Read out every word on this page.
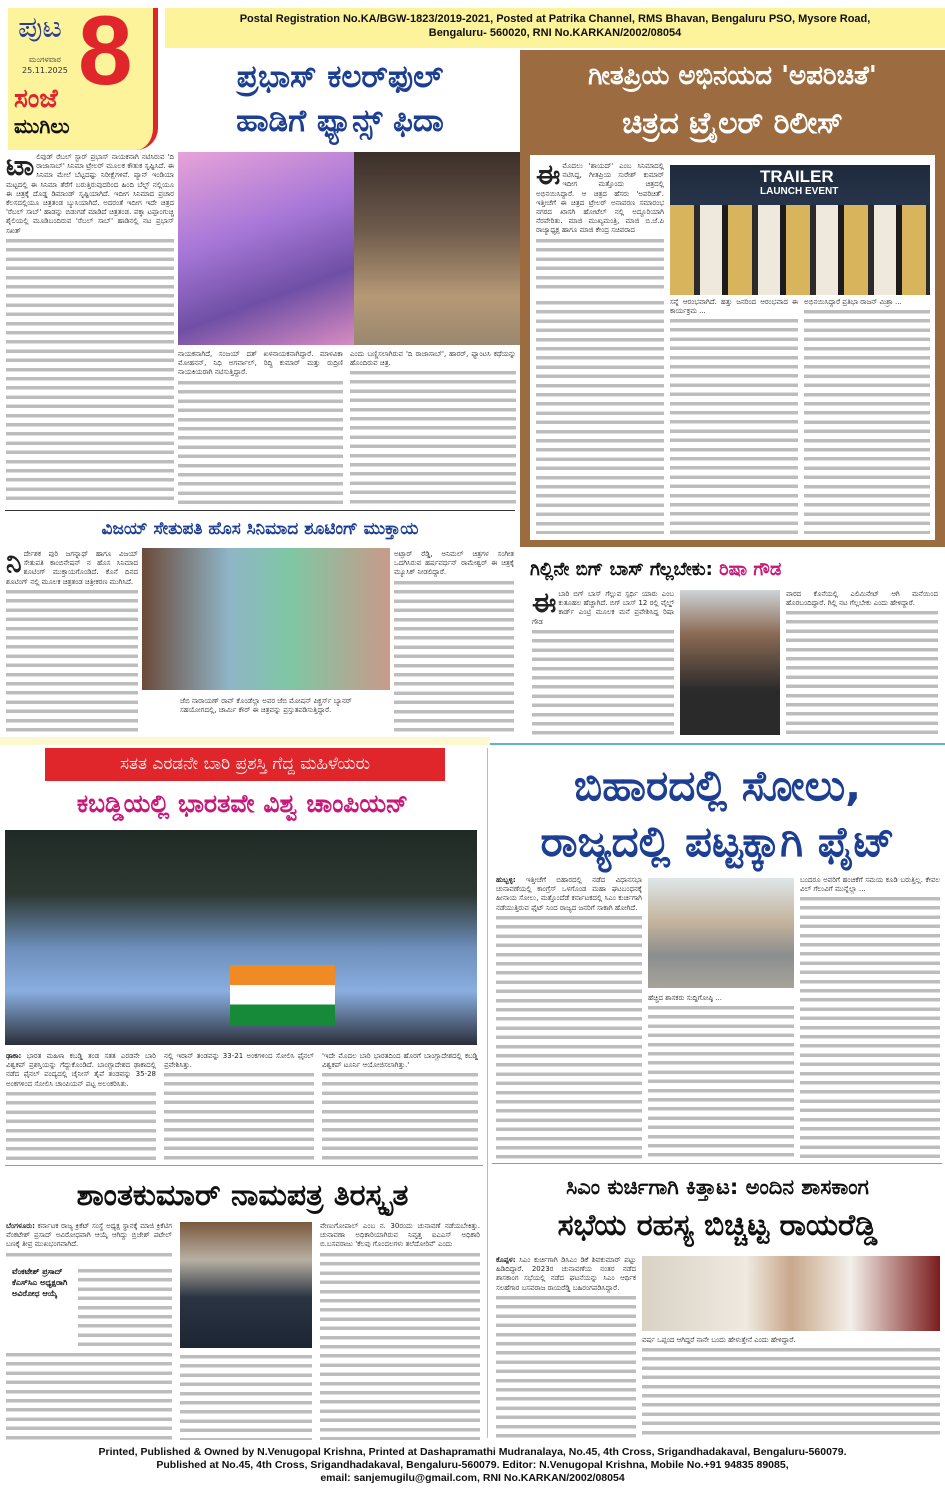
ಪುಟ 8
ಮಂಗಳವಾರ
25.11.2025
ಸಂಜೆ
ಮುಗಿಲು
Postal Registration No.KA/BGW-1823/2019-2021, Posted at Patrika Channel, RMS Bhavan, Bengaluru PSO, Mysore Road,
Bengaluru- 560020, RNI No.KARKAN/2002/08054
ಪ್ರಭಾಸ್ ಕಲರ್‌ಫುಲ್
ಹಾಡಿಗೆ ಫ್ಯಾನ್ಸ್ ಫಿದಾ
ಟಾಲಿವುಡ್ ರೆಬಲ್ ಸ್ಟಾರ್ ಪ್ರಭಾಸ್ ನಾಯಕನಾಗಿ ನಟಿಸಿರುವ 'ದಿ ರಾಜಾಸಾಬ್' ಸಿನಿಮಾ ಟ್ರೇಲರ್ ಮೂಲಕ ಕೌತುಕ ಸೃಷ್ಟಿಸಿದೆ. ಈ ಸಿನಿಮಾ ಮೇಲೆ ಬೆಟ್ಟದಷ್ಟು ನಿರೀಕ್ಷೆಗಳಿವೆ. ಪ್ಯಾನ್ ಇಂಡಿಯಾ ಮಟ್ಟದಲ್ಲಿ ಈ ಸಿನಿಮಾ ತೆರೆಗೆ ಬರುತ್ತಿರುವುದರಿಂದ ಹಿಂದಿ ಬೆಲ್ಟ್ ನಲ್ಲಿಯೂ ಈ ಚಿತ್ರಕ್ಕೆ ದೊಡ್ಡ ಡಿಮಾಂಡ್ ಸೃಷ್ಟಿಯಾಗಿದೆ. ಇದೀಗ ಸಿನಿಮಾದ ಪ್ರಚಾರ ಕೆಲಸದಲ್ಲಿಯೂ ಚಿತ್ರತಂಡ ಬ್ಯುಸಿಯಾಗಿದೆ. ಅದರಂತೆ ಇದೀಗ ಇದೇ ಚಿತ್ರದ 'ರೆಬಲ್ ಸಾಬ್' ಹಾಡನ್ನು ಬಿಡುಗಡೆ ಮಾಡಿದೆ ಚಿತ್ರತಂಡ. ಪಕ್ಕಾ ಟಪ್ಪಾಂಗುಚ್ಚಿ ಶೈಲಿಯಲ್ಲಿ ಮೂಡಿಬಂದಿರುವ 'ರೆಬಲ್ ಸಾಬ್' ಹಾಡಿನಲ್ಲಿ ನಟ ಪ್ರಭಾಸ್ ಸಖತ್
ನಾಯಕನಾಗಿದೆ, ಸಂಜಯ್ ದತ್ ಖಳನಾಯಕನಾಗಿದ್ದಾರೆ. ಮಾಳವಿಕಾ ಮೋಹನನ್, ನಿಧಿ ಅಗರ್ವಾಲ್, ರಿದ್ಧಿ ಕುಮಾರ್ ಮತ್ತು ರುದ್ರಿಣಿ ನಾಯಕಿಯರಾಗಿ ನಟಿಸುತ್ತಿದ್ದಾರೆ.
ಎಂದು ಬಣ್ಣಿಸಲಾಗಿರುವ 'ದಿ ರಾಜಾಸಾಬ್', ಹಾರರ್, ಫ್ಯಾಂಟಸಿ ಕಥೆಯನ್ನು ಹೊಂದಿರುವ ಚಿತ್ರ.
ಗೀತಪ್ರಿಯ ಅಭಿನಯದ 'ಅಪರಿಚಿತೆ'
ಚಿತ್ರದ ಟ್ರೈಲರ್ ರಿಲೀಸ್
ಈಮೊದಲು 'ಶಾಯದ್' ಎಂಬ ಸಿನಿಮಾದಲ್ಲಿ ನಟಿಸಿದ್ದ, ಗೀತಪ್ರಿಯ ಸುರೇಶ್ ಕುಮಾರ್ ಇದೀಗ ಮತ್ತೊಂದು ಚಿತ್ರದಲ್ಲಿ ಅಭಿನಯಿಸಿದ್ದಾರೆ. ಆ ಚಿತ್ರದ ಹೆಸರು 'ಅಪರಿಚಿತೆ'. ಇತ್ತೀಚೆಗೆ ಈ ಚಿತ್ರದ ಟ್ರೇಲರ್ ಅನಾವರಣ ಸಮಾರಂಭ ನಗರದ ಖಾಸಗಿ ಹೋಟೆಲ್ ನಲ್ಲಿ ಅದ್ದೂರಿಯಾಗಿ ನೆರವೇರಿತು. ಮಾಜಿ ಮುಖ್ಯಮಂತ್ರಿ, ಮಾಜಿ ಬಿ.ಜೆ.ಪಿ ರಾಜ್ಯಾಧ್ಯಕ್ಷ ಹಾಗೂ ಮಾಜಿ ಕೇಂದ್ರ ಸಚಿವರಾದ
TRAILER
LAUNCH EVENT
ಸನ್ನೆ ಆರಂಭವಾಗಿದೆ. ಹತ್ತು ಜನರಿಂದ ಆರಂಭವಾದ ಈ ಕಾರ್ಯಕ್ರಮ ...
ಅಭಿನಯಿಸಿದ್ದಾರೆ ಪ್ರತಿಭಾ ರಾಜನ್ ಮಿಶ್ರಾ ...
ವಿಜಯ್ ಸೇತುಪತಿ ಹೊಸ ಸಿನಿಮಾದ ಶೂಟಿಂಗ್ ಮುಕ್ತಾಯ
ನಿರ್ದೇಶಕ ಪುರಿ ಜಗನ್ನಾಥ್ ಹಾಗೂ ವಿಜಯ್ ಸೇತುಪತಿ ಕಾಂಬಿನೇಷನ್ ನ ಹೊಸ ಸಿನಿಮಾದ ಶೂಟಿಂಗ್ ಮುಕ್ತಾಯಗೊಂಡಿದೆ. ಕೊನೆ ದಿನದ ಶೂಟಿಂಗ್ ನಲ್ಲಿ ಮೂಲಕ ಚಿತ್ರತಂಡ ಚಿತ್ರೀಕರಣ ಮುಗಿಸಿದೆ.
ಜೆಬಿ ನಾರಾಯಣ್ ರಾವ್ ಕೊಂಡೆಲ್ಲಾ ಅವರ ಜೆಬಿ ಮೋಷನ್ ಪಿಕ್ಚರ್ಸ್ ಬ್ಯಾನರ್ ಸಹಯೋಗದಲ್ಲಿ, ಚಾರ್ಮಿ ಕೌರ್ ಈ ಚಿತ್ರವನ್ನು ಪ್ರಸ್ತುತಪಡಿಸುತ್ತಿದ್ದಾರೆ.
ಅಟ್ಸಾರ್ ರೆಡ್ಡಿ, ಅನಿಮಲ್ ಚಿತ್ರಗಳ ಸಂಗೀತ ಒದಗಿಸಿರುವ ಹರ್ಷವರ್ಧನ್ ರಾಮೇಶ್ವರ್ ಈ ಚಿತ್ರಕ್ಕೆ ಮ್ಯೂಸಿಕ್ ನೀಡಲಿದ್ದಾರೆ.	ಗಿಲ್ಲಿನೇ ಬಿಗ್ ಬಾಸ್ ಗೆಲ್ಲಬೇಕು: ರಿಷಾ ಗೌಡ
ಈಬಾರಿ ಬಿಗ್ ಬಾಸ್ ಗೆಲ್ಲುವ ಸ್ಪರ್ಧಿ ಯಾರು ಎಂಬ ಕುತೂಹಲ ಹೆಚ್ಚಾಗಿದೆ. ಬಿಗ್ ಬಾಸ್ 12 ರಲ್ಲಿ ವೈಲ್ಡ್ ಕಾರ್ಡ್ ಎಂಟ್ರಿ ಮೂಲಕ ಮನೆ ಪ್ರವೇಶಿಸಿದ್ದ ರಿಷಾ ಗೌಡ
ವಾರದ ಕೊನೆಯಲ್ಲಿ ಎಲಿಮಿನೇಟ್ ಆಗಿ ಮನೆಯಿಂದ ಹೊರಬಂದಿದ್ದಾರೆ. ಗಿಲ್ಲಿ ನಟ ಗೆಲ್ಲಬೇಕು ಎಂದು ಹೇಳಿದ್ದಾರೆ.
ಸತತ ಎರಡನೇ ಬಾರಿ ಪ್ರಶಸ್ತಿ ಗೆದ್ದ ಮಹಿಳೆಯರು
ಕಬಡ್ಡಿಯಲ್ಲಿ ಭಾರತವೇ ವಿಶ್ವ ಚಾಂಪಿಯನ್
ಢಾಕಾ: ಭಾರತ ಮಹಿಳಾ ಕಬಡ್ಡಿ ತಂಡ ಸತತ ಎರಡನೇ ಬಾರಿ ವಿಶ್ವಕಪ್ ಪ್ರಶಸ್ತಿಯನ್ನು ಗೆದ್ದುಕೊಂಡಿದೆ. ಬಾಂಗ್ಲಾದೇಶದ ಢಾಕಾದಲ್ಲಿ ನಡೆದ ಫೈನಲ್ ಪಂದ್ಯದಲ್ಲಿ ಚೈನೀಸ್ ತೈಪೆ ತಂಡವನ್ನು 35-28 ಅಂಕಗಳಿಂದ ಸೋಲಿಸಿ ಚಾಂಪಿಯನ್ ಪಟ್ಟ ಅಲಂಕರಿಸಿತು.
ನಲ್ಲಿ ಇರಾನ್ ತಂಡವನ್ನು 33-21 ಅಂಕಗಳಿಂದ ಸೋಲಿಸಿ ಫೈನಲ್ ಪ್ರವೇಶಿಸಿತ್ತು.
'ಇದೇ ಮೊದಲ ಬಾರಿ ಭಾರತದಿಂದ ಹೊರಗೆ ಬಾಂಗ್ಲಾದೇಶದಲ್ಲಿ ಕಬಡ್ಡಿ ವಿಶ್ವಕಪ್ ಟೂರ್ನಿ ಆಯೋಜಿಸಲಾಗಿತ್ತು.'
ಬಿಹಾರದಲ್ಲಿ ಸೋಲು,
ರಾಜ್ಯದಲ್ಲಿ ಪಟ್ಟಕ್ಕಾಗಿ ಫೈಟ್
ಹುಬ್ಬಳ್ಳಿ: ಇತ್ತೀಚೆಗೆ ಬಿಹಾರದಲ್ಲಿ ನಡೆದ ವಿಧಾನಸಭಾ ಚುನಾವಣೆಯಲ್ಲಿ ಕಾಂಗ್ರೆಸ್ ಒಳಗೊಂಡ ಮಹಾ ಘಟಬಂಧನಕ್ಕೆ ಹೀನಾಯ ಸೋಲು, ಮತ್ತೊಂದೆಡೆ ಕರ್ನಾಟಕದಲ್ಲಿ ಸಿಎಂ ಕುರ್ಚಿಗಾಗಿ ನಡೆಯುತ್ತಿರುವ ಫೈಟ್ ನಿಂದ ರಾಜ್ಯದ ಜನರಿಗೆ ಸಾಕಾಗಿ ಹೋಗಿದೆ.
ಹೆಚ್ಚಿದ ಶಾಸಕರು ಸುದ್ದಿಗೋಷ್ಠಿ ...
ಬಂದರೂ ಅವರಿಗೆ ಹಂಚಿಕೆಗೆ ಸಮಯ ಕೂಡಿ ಬರುತ್ತಿಲ್ಲ. ಕೇವಲ ವಿಲ್ ಗೆಲುವಿಗೆ ಮುನ್ನೆಲ್ಲಾ ...
ಶಾಂತಕುಮಾರ್ ನಾಮಪತ್ರ ತಿರಸ್ಕೃತ
ಬೆಂಗಳೂರು: ಕರ್ನಾಟಕ ರಾಜ್ಯ ಕ್ರಿಕೆಟ್ ಸಂಸ್ಥೆ ಅಧ್ಯಕ್ಷ ಸ್ಥಾನಕ್ಕೆ ಮಾಜಿ ಕ್ರಿಕೆಟಿಗ ವೆಂಕಟೇಶ್ ಪ್ರಸಾದ್ ಅವಿರೋಧವಾಗಿ ಆಯ್ಕೆ ಆಗಿದ್ದು ಬ್ರಿಜೇಶ್ ಪಟೇಲ್ ಬಣಕ್ಕೆ ತೀವ್ರ ಮುಖಭಂಗವಾಗಿದೆ.
ವೆಂಕಟೇಶ್ ಪ್ರಸಾದ್ ಕೆಎಸ್‌ಸಿಎ ಅಧ್ಯಕ್ಷರಾಗಿ ಅವಿರೋಧ ಆಯ್ಕೆ
ವೇಣುಗೋಪಾಲ್ ಎಂಬ ನ. 30ರಂದು ಚುನಾವಣೆ ನಡೆಯಬೇಕಿತ್ತು. ಚುನಾವಣಾ ಅಧಿಕಾರಿಯಾಗಿರುವ ನಿವೃತ್ತ ಐಎಎಸ್ ಅಧಿಕಾರಿ ಬಿ.ಬಸವರಾಜು 'ಕೆಲವು ಗೊಂದಲಗಳು ತಲೆದೋರಿವೆ' ಎಂದು
ಸಿಎಂ ಕುರ್ಚಿಗಾಗಿ ಕಿತ್ತಾಟ: ಅಂದಿನ ಶಾಸಕಾಂಗ
ಸಭೆಯ ರಹಸ್ಯ ಬಿಚ್ಚಿಟ್ಟ ರಾಯರೆಡ್ಡಿ
ಕೊಪ್ಪಳ: ಸಿಎಂ ಕುರ್ಚಿಗಾಗಿ ಡಿಸಿಎಂ ಡಿಕೆ ಶಿವಕುಮಾರ್ ಪಟ್ಟು ಹಿಡಿದಿದ್ದಾರೆ. 2023ರ ಚುನಾವಣೆಯ ನಂತರ ನಡೆದ ಶಾಸಕಾಂಗ ಸಭೆಯಲ್ಲಿ ನಡೆದ ಘಟನೆಯನ್ನು ಸಿಎಂ ಆರ್ಥಿಕ ಸಲಹೆಗಾರ ಬಸವರಾಜ ರಾಯರೆಡ್ಡಿ ಬಹಿರಂಗಪಡಿಸಿದ್ದಾರೆ.
ವರ್ಷ ಒಪ್ಪಂದ ಆಗಿದ್ದರೆ ನಾನೇ ಬಂದು ಹೇಳುತ್ತೇನೆ ಎಂದು ಹೇಳಿದ್ದಾರೆ.
Printed, Published & Owned by N.Venugopal Krishna, Printed at Dashapramathi Mudranalaya, No.45, 4th Cross, Srigandhadakaval, Bengaluru-560079.
Published at No.45, 4th Cross, Srigandhadakaval, Bengaluru-560079. Editor: N.Venugopal Krishna, Mobile No.+91 94835 89085,
email: sanjemugilu@gmail.com, RNI No.KARKAN/2002/08054
